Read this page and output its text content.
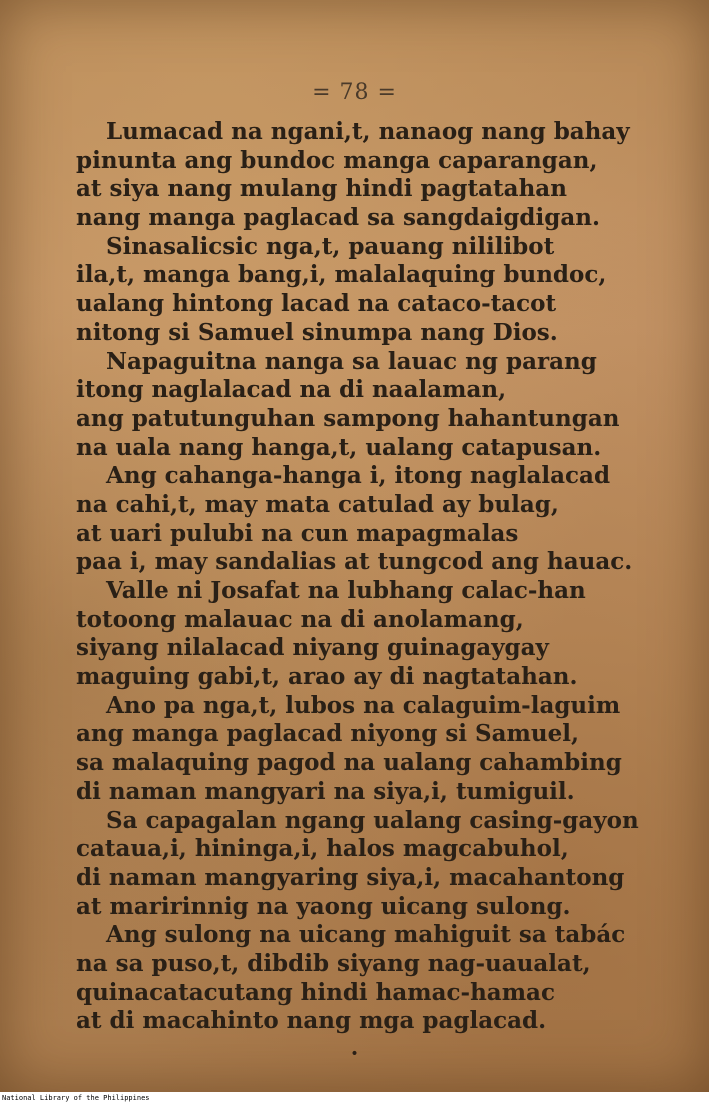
= 78 =
Lumacad na ngani,t, nanaog nang bahay
pinunta ang bundoc manga caparangan,
at siya nang mulang hindi pagtatahan
nang manga paglacad sa sangdaigdigan.
Sinasalicsic nga,t, pauang nililibot
ila,t, manga bang,i, malalaquing bundoc,
ualang hintong lacad na cataco-tacot
nitong si Samuel sinumpa nang Dios.
Napaguitna nanga sa lauac ng parang
itong naglalacad na di naalaman,
ang patutunguhan sampong hahantungan
na uala nang hanga,t, ualang catapusan.
Ang cahanga-hanga i, itong naglalacad
na cahi,t, may mata catulad ay bulag,
at uari pulubi na cun mapagmalas
paa i, may sandalias at tungcod ang hauac.
Valle ni Josafat na lubhang calac-han
totoong malauac na di anolamang,
siyang nilalacad niyang guinagaygay
maguing gabi,t, arao ay di nagtatahan.
Ano pa nga,t, lubos na calaguim-laguim
ang manga paglacad niyong si Samuel,
sa malaquing pagod na ualang cahambing
di naman mangyari na siya,i, tumiguil.
Sa capagalan ngang ualang casing-gayon
cataua,i, hininga,i, halos magcabuhol,
di naman mangyaring siya,i, macahantong
at maririnnig na yaong uicang sulong.
Ang sulong na uicang mahiguit sa tabác
na sa puso,t, dibdib siyang nag-uaualat,
quinacatacutang hindi hamac-hamac
at di macahinto nang mga paglacad.
•
National Library of the Philippines
